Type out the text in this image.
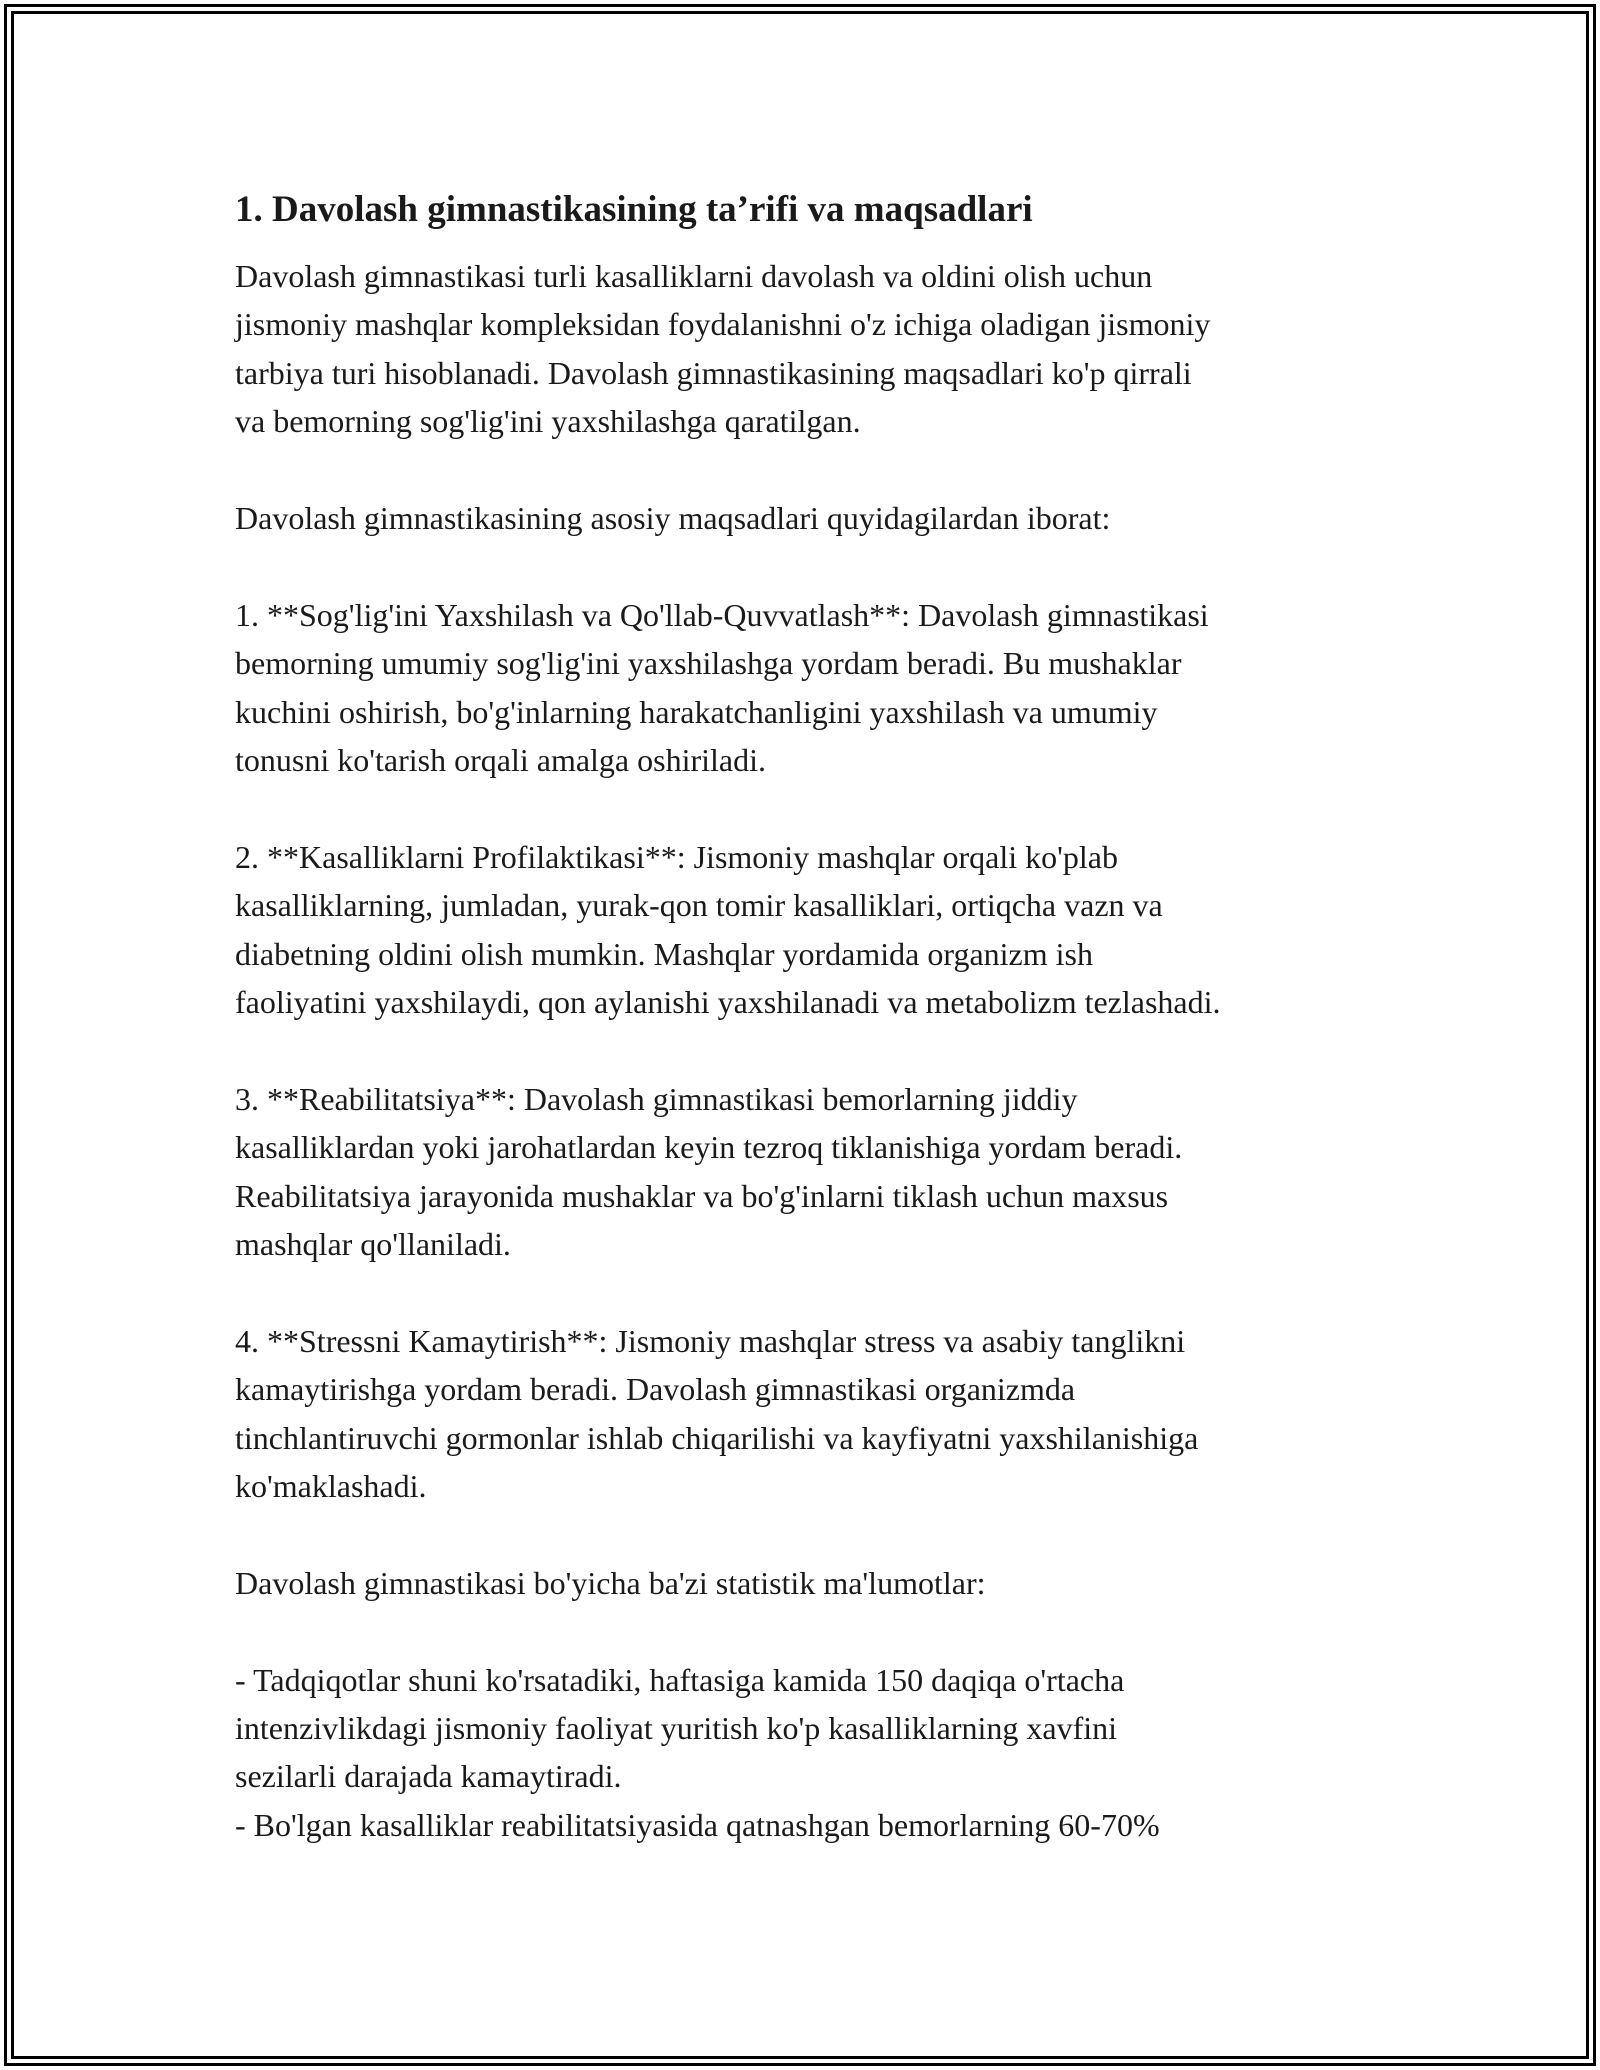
1. Davolash gimnastikasining ta’rifi va maqsadlari
Davolash gimnastikasi turli kasalliklarni davolash va oldini olish uchun
jismoniy mashqlar kompleksidan foydalanishni o'z ichiga oladigan jismoniy
tarbiya turi hisoblanadi. Davolash gimnastikasining maqsadlari ko'p qirrali
va bemorning sog'lig'ini yaxshilashga qaratilgan.
Davolash gimnastikasining asosiy maqsadlari quyidagilardan iborat:
1. **Sog'lig'ini Yaxshilash va Qo'llab-Quvvatlash**: Davolash gimnastikasi
bemorning umumiy sog'lig'ini yaxshilashga yordam beradi. Bu mushaklar
kuchini oshirish, bo'g'inlarning harakatchanligini yaxshilash va umumiy
tonusni ko'tarish orqali amalga oshiriladi.
2. **Kasalliklarni Profilaktikasi**: Jismoniy mashqlar orqali ko'plab
kasalliklarning, jumladan, yurak-qon tomir kasalliklari, ortiqcha vazn va
diabetning oldini olish mumkin. Mashqlar yordamida organizm ish
faoliyatini yaxshilaydi, qon aylanishi yaxshilanadi va metabolizm tezlashadi.
3. **Reabilitatsiya**: Davolash gimnastikasi bemorlarning jiddiy
kasalliklardan yoki jarohatlardan keyin tezroq tiklanishiga yordam beradi.
Reabilitatsiya jarayonida mushaklar va bo'g'inlarni tiklash uchun maxsus
mashqlar qo'llaniladi.
4. **Stressni Kamaytirish**: Jismoniy mashqlar stress va asabiy tanglikni
kamaytirishga yordam beradi. Davolash gimnastikasi organizmda
tinchlantiruvchi gormonlar ishlab chiqarilishi va kayfiyatni yaxshilanishiga
ko'maklashadi.
Davolash gimnastikasi bo'yicha ba'zi statistik ma'lumotlar:
- Tadqiqotlar shuni ko'rsatadiki, haftasiga kamida 150 daqiqa o'rtacha
intenzivlikdagi jismoniy faoliyat yuritish ko'p kasalliklarning xavfini
sezilarli darajada kamaytiradi.
- Bo'lgan kasalliklar reabilitatsiyasida qatnashgan bemorlarning 60-70%
